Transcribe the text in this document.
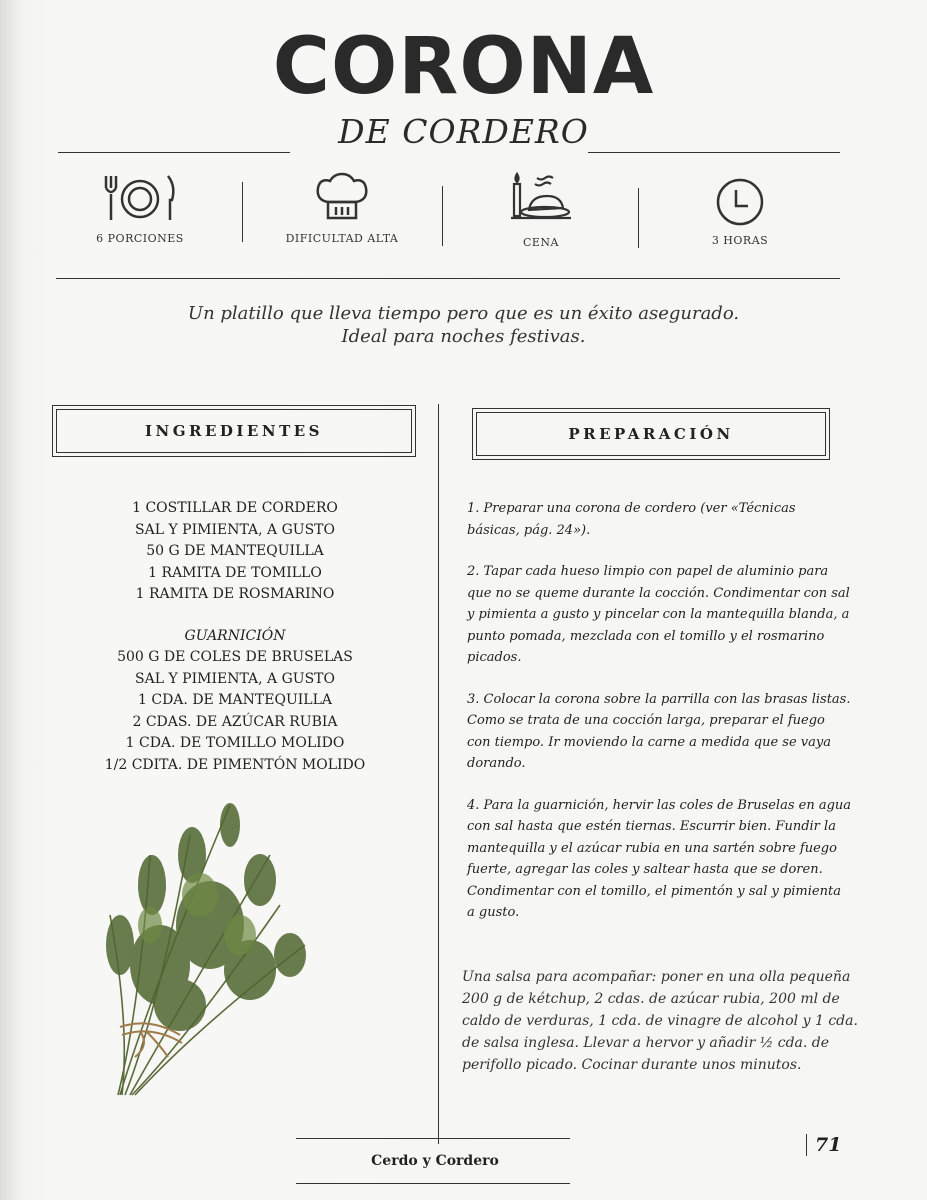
CORONA
DE CORDERO
6 PORCIONES	DIFICULTAD ALTA	CENA	3 HORAS
Un platillo que lleva tiempo pero que es un éxito asegurado.
Ideal para noches festivas.
INGREDIENTES	PREPARACIÓN
1 COSTILLAR DE CORDERO
SAL Y PIMIENTA, A GUSTO
50 G DE MANTEQUILLA
1 RAMITA DE TOMILLO
1 RAMITA DE ROSMARINO
GUARNICIÓN
500 G DE COLES DE BRUSELAS
SAL Y PIMIENTA, A GUSTO
1 CDA. DE MANTEQUILLA
2 CDAS. DE AZÚCAR RUBIA
1 CDA. DE TOMILLO MOLIDO
1/2 CDITA. DE PIMENTÓN MOLIDO

1. Preparar una corona de cordero (ver «Técnicas básicas, pág. 24»).

2. Tapar cada hueso limpio con papel de aluminio para que no se queme durante la cocción. Condimentar con sal y pimienta a gusto y pincelar con la mantequilla blanda, a punto pomada, mezclada con el tomillo y el rosmarino picados.

3. Colocar la corona sobre la parrilla con las brasas listas. Como se trata de una cocción larga, preparar el fuego con tiempo. Ir moviendo la carne a medida que se vaya dorando.

4. Para la guarnición, hervir las coles de Bruselas en agua con sal hasta que estén tiernas. Escurrir bien. Fundir la mantequilla y el azúcar rubia en una sartén sobre fuego fuerte, agregar las coles y saltear hasta que se doren. Condimentar con el tomillo, el pimentón y sal y pimienta a gusto.

Una salsa para acompañar: poner en una olla pequeña 200 g de kétchup, 2 cdas. de azúcar rubia, 200 ml de caldo de verduras, 1 cda. de vinagre de alcohol y 1 cda. de salsa inglesa. Llevar a hervor y añadir ½ cda. de perifollo picado. Cocinar durante unos minutos.
Cerdo y Cordero
71
